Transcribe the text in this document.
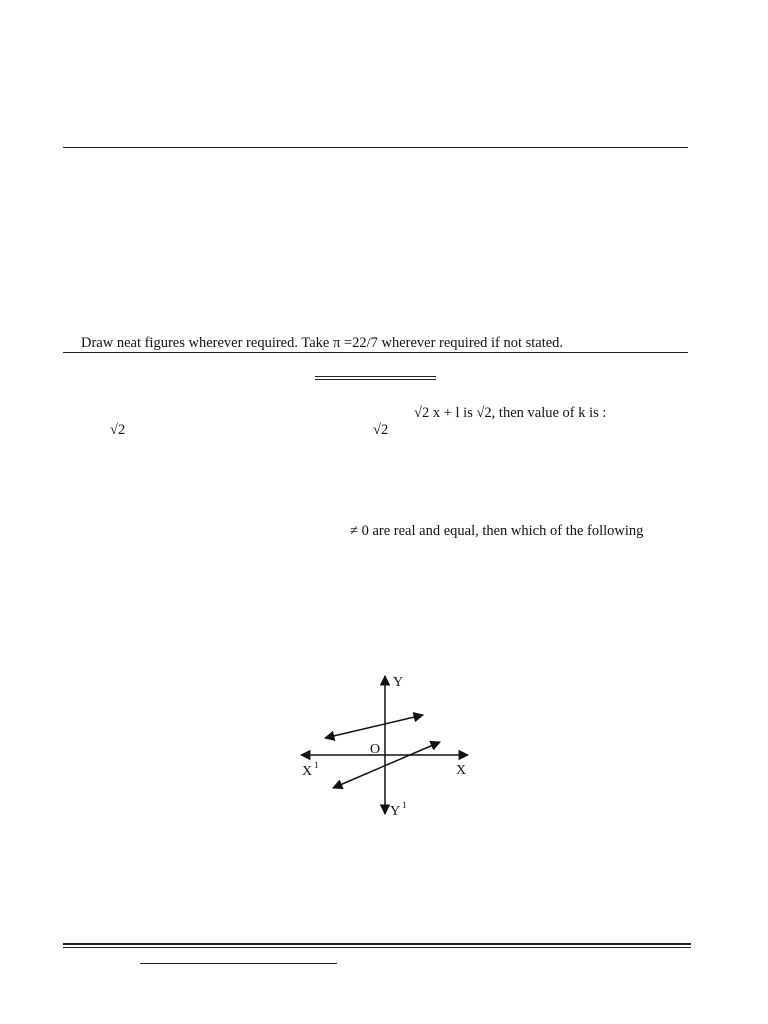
Draw neat figures wherever required. Take π =22/7 wherever required if not stated.
√2 x + l is √2, then value of k is :
√2	√2
≠ 0 are real and equal, then which of the following
Y
O
X
X 1
Y 1
